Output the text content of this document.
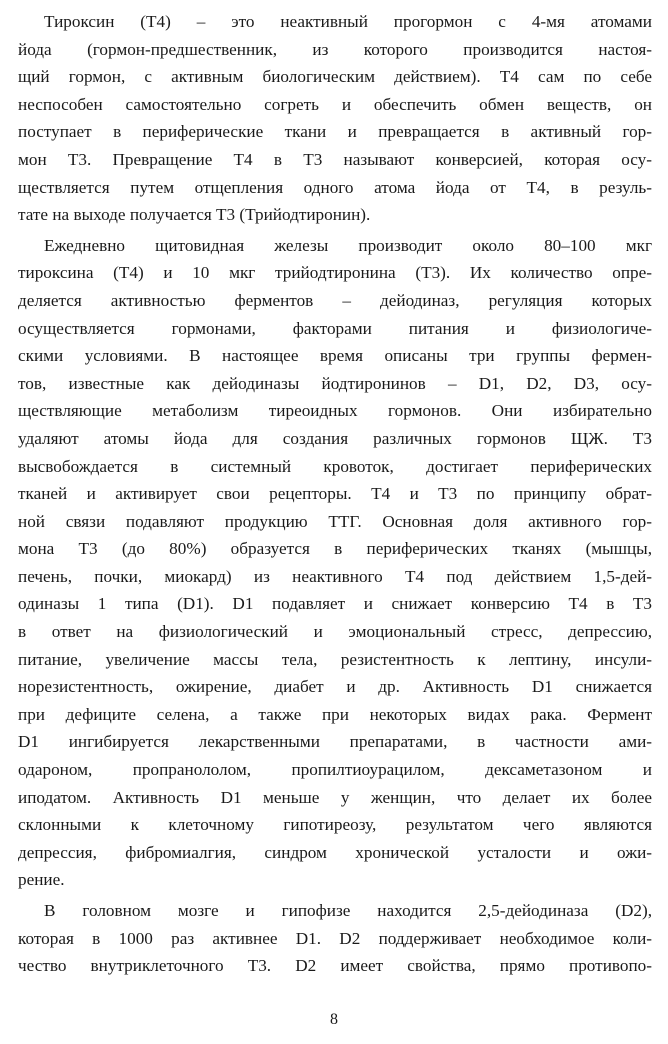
Тироксин (Т4) – это неактивный прогормон с 4-мя атомами
йода (гормон-предшественник, из которого производится настоя-
щий гормон, с активным биологическим действием). Т4 сам по себе
неспособен самостоятельно согреть и обеспечить обмен веществ, он
поступает в периферические ткани и превращается в активный гор-
мон Т3. Превращение Т4 в Т3 называют конверсией, которая осу-
ществляется путем отщепления одного атома йода от Т4, в резуль-
тате на выходе получается Т3 (Трийодтиронин).

Ежедневно щитовидная железы производит около 80–100 мкг
тироксина (Т4) и 10 мкг трийодтиронина (Т3). Их количество опре-
деляется активностью ферментов – дейодиназ, регуляция которых
осуществляется гормонами, факторами питания и физиологиче-
скими условиями. В настоящее время описаны три группы фермен-
тов, известные как дейодиназы йодтиронинов – D1, D2, D3, осу-
ществляющие метаболизм тиреоидных гормонов. Они избирательно
удаляют атомы йода для создания различных гормонов ЩЖ. Т3
высвобождается в системный кровоток, достигает периферических
тканей и активирует свои рецепторы. Т4 и Т3 по принципу обрат-
ной связи подавляют продукцию ТТГ. Основная доля активного гор-
мона Т3 (до 80%) образуется в периферических тканях (мышцы,
печень, почки, миокард) из неактивного Т4 под действием 1,5-дей-
одиназы 1 типа (D1). D1 подавляет и снижает конверсию Т4 в Т3
в ответ на физиологический и эмоциональный стресс, депрессию,
питание, увеличение массы тела, резистентность к лептину, инсули-
норезистентность, ожирение, диабет и др. Активность D1 снижается
при дефиците селена, а также при некоторых видах рака. Фермент
D1 ингибируется лекарственными препаратами, в частности ами-
одароном, пропранололом, пропилтиоурацилом, дексаметазоном и
иподатом. Активность D1 меньше у женщин, что делает их более
склонными к клеточному гипотиреозу, результатом чего являются
депрессия, фибромиалгия, синдром хронической усталости и ожи-
рение.

В головном мозге и гипофизе находится 2,5-дейодиназа (D2),
которая в 1000 раз активнее D1. D2 поддерживает необходимое коли-
чество внутриклеточного Т3. D2 имеет свойства, прямо противопо-

8
